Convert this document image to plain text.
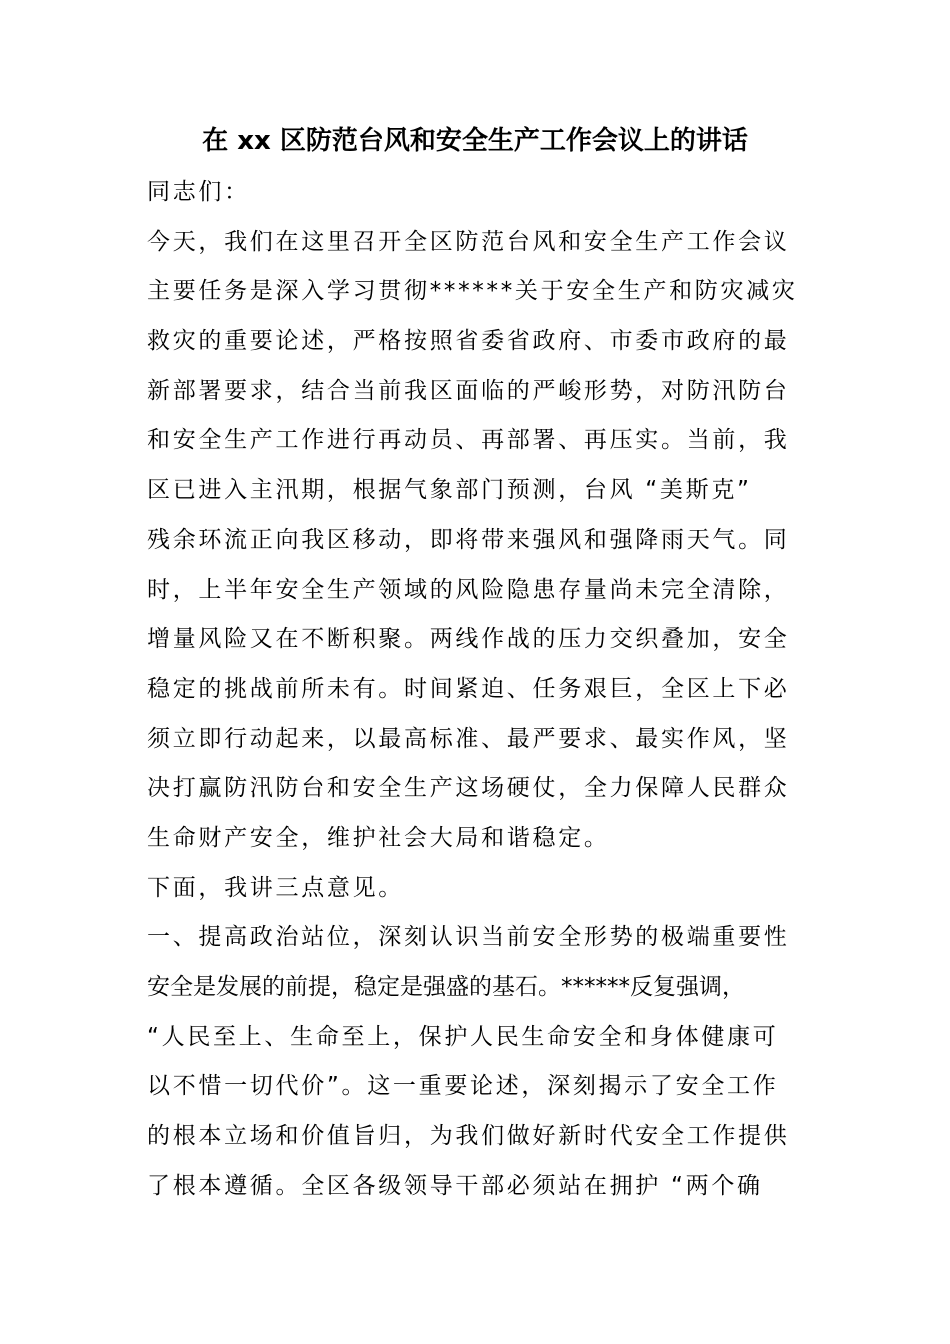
在 xx 区防范台风和安全生产工作会议上的讲话
同志们：
今天，我们在这里召开全区防范台风和安全生产工作会议
主要任务是深入学习贯彻******关于安全生产和防灾减灾
救灾的重要论述，严格按照省委省政府、市委市政府的最
新部署要求，结合当前我区面临的严峻形势，对防汛防台
和安全生产工作进行再动员、再部署、再压实。当前，我
区已进入主汛期，根据气象部门预测，台风 “美斯克”
残余环流正向我区移动，即将带来强风和强降雨天气。同
时，上半年安全生产领域的风险隐患存量尚未完全清除，
增量风险又在不断积聚。两线作战的压力交织叠加，安全
稳定的挑战前所未有。时间紧迫、任务艰巨，全区上下必
须立即行动起来，以最高标准、最严要求、最实作风，坚
决打赢防汛防台和安全生产这场硬仗，全力保障人民群众
生命财产安全，维护社会大局和谐稳定。
下面，我讲三点意见。
一、提高政治站位，深刻认识当前安全形势的极端重要性
安全是发展的前提，稳定是强盛的基石。******反复强调，
“人民至上、生命至上，保护人民生命安全和身体健康可
以不惜一切代价”。这一重要论述，深刻揭示了安全工作
的根本立场和价值旨归，为我们做好新时代安全工作提供
了根本遵循。全区各级领导干部必须站在拥护 “两个确
